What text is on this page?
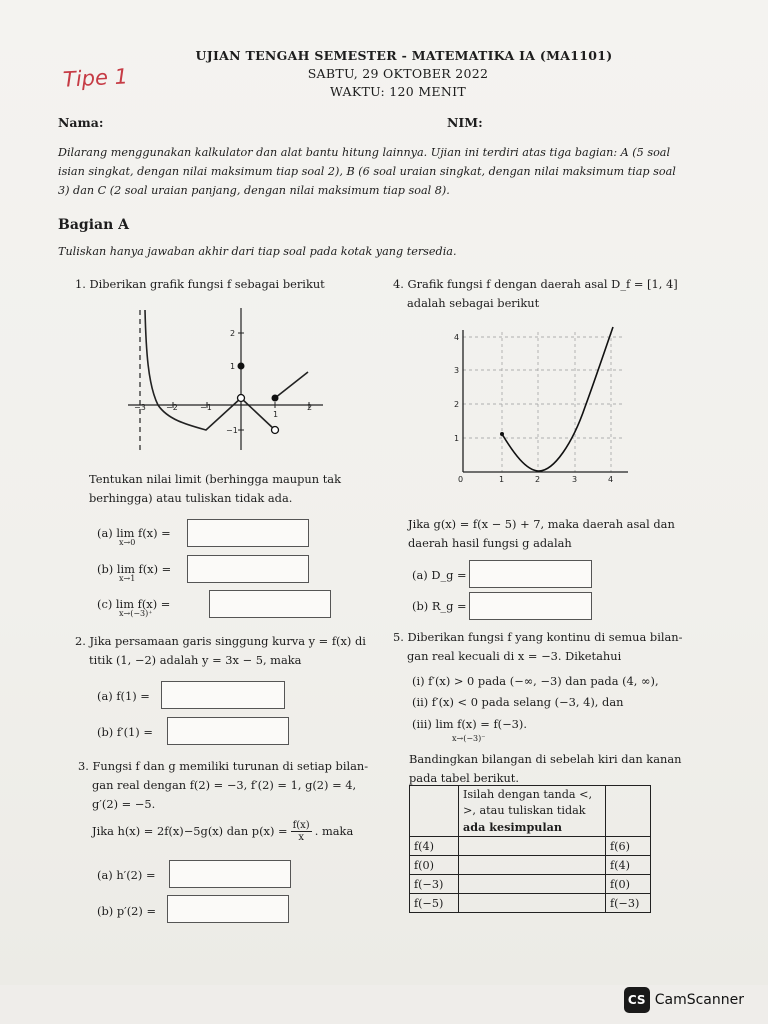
UJIAN TENGAH SEMESTER - MATEMATIKA IA (MA1101)
SABTU, 29 OKTOBER 2022
WAKTU: 120 MENIT
Tipe 1
Nama:	NIM:
Dilarang menggunakan kalkulator dan alat bantu hitung lainnya. Ujian ini terdiri atas tiga bagian: A (5 soal
isian singkat, dengan nilai maksimum tiap soal 2), B (6 soal uraian singkat, dengan nilai maksimum tiap soal
3) dan C (2 soal uraian panjang, dengan nilai maksimum tiap soal 8).
Bagian A
Tuliskan hanya jawaban akhir dari tiap soal pada kotak yang tersedia.
1. Diberikan grafik fungsi f sebagai berikut
−3	−2	−1
1
2
2
1
−1
Tentukan nilai limit (berhingga maupun tak
berhingga) atau tuliskan tidak ada.
(a) lim f(x) =
x→0
(b) lim f(x) =
x→1
(c) lim f(x) =
x→(−3)⁺
2. Jika persamaan garis singgung kurva y = f(x) di
titik (1, −2) adalah y = 3x − 5, maka
(a) f(1) =
(b) f′(1) =
3. Fungsi f dan g memiliki turunan di setiap bilan-
gan real dengan f(2) = −3, f′(2) = 1, g(2) = 4,
g′(2) = −5.
Jika h(x) = 2f(x)−5g(x) dan $p(x) = \frac{f(x)}{x}$ . maka
(a) h′(2) =
(b) p′(2) =
4. Grafik fungsi f dengan daerah asal D_f = [1, 4]
adalah sebagai berikut
0	1	2	3	4
4
3
2
1
Jika g(x) = f(x − 5) + 7, maka daerah asal dan
daerah hasil fungsi g adalah
(a) D_g =
(b) R_g =
5. Diberikan fungsi f yang kontinu di semua bilan-
gan real kecuali di x = −3. Diketahui
(i) f′(x) > 0 pada (−∞, −3) dan pada (4, ∞),
(ii) f′(x) < 0 pada selang (−3, 4), dan
(iii) lim f(x) = f(−3).
x→(−3)⁻
Bandingkan bilangan di sebelah kiri dan kanan
pada tabel berikut.

	Isilah dengan tanda <,
>, atau tuliskan tidak
ada kesimpulan	

f(4)		f(6)
f(0)		f(4)
f(−3)		f(0)
f(−5)		f(−3)
CS CamScanner
